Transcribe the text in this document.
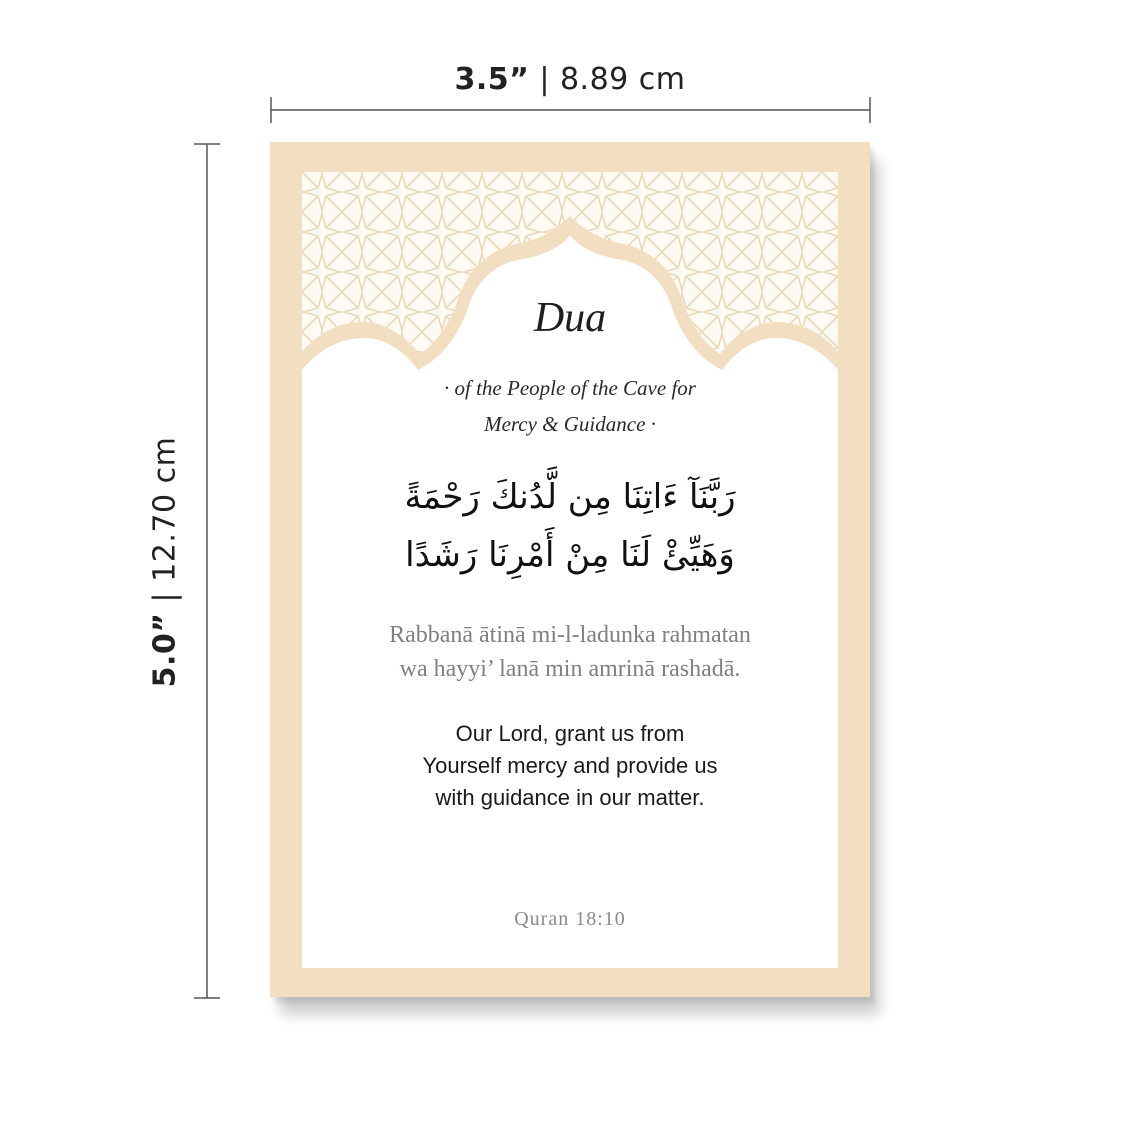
3.5” | 8.89 cm
5.0”|12.70 cm
Dua
· of the People of the Cave for
Mercy & Guidance ·
رَبَّنَآ ءَاتِنَا مِن لَّدُنكَ رَحْمَةً
وَهَيِّئْ لَنَا مِنْ أَمْرِنَا رَشَدًا
Rabbanā ātinā mi-l-ladunka rahmatan
wa hayyi’ lanā min amrinā rashadā.
Our Lord, grant us from
Yourself mercy and provide us
with guidance in our matter.
Quran 18:10
